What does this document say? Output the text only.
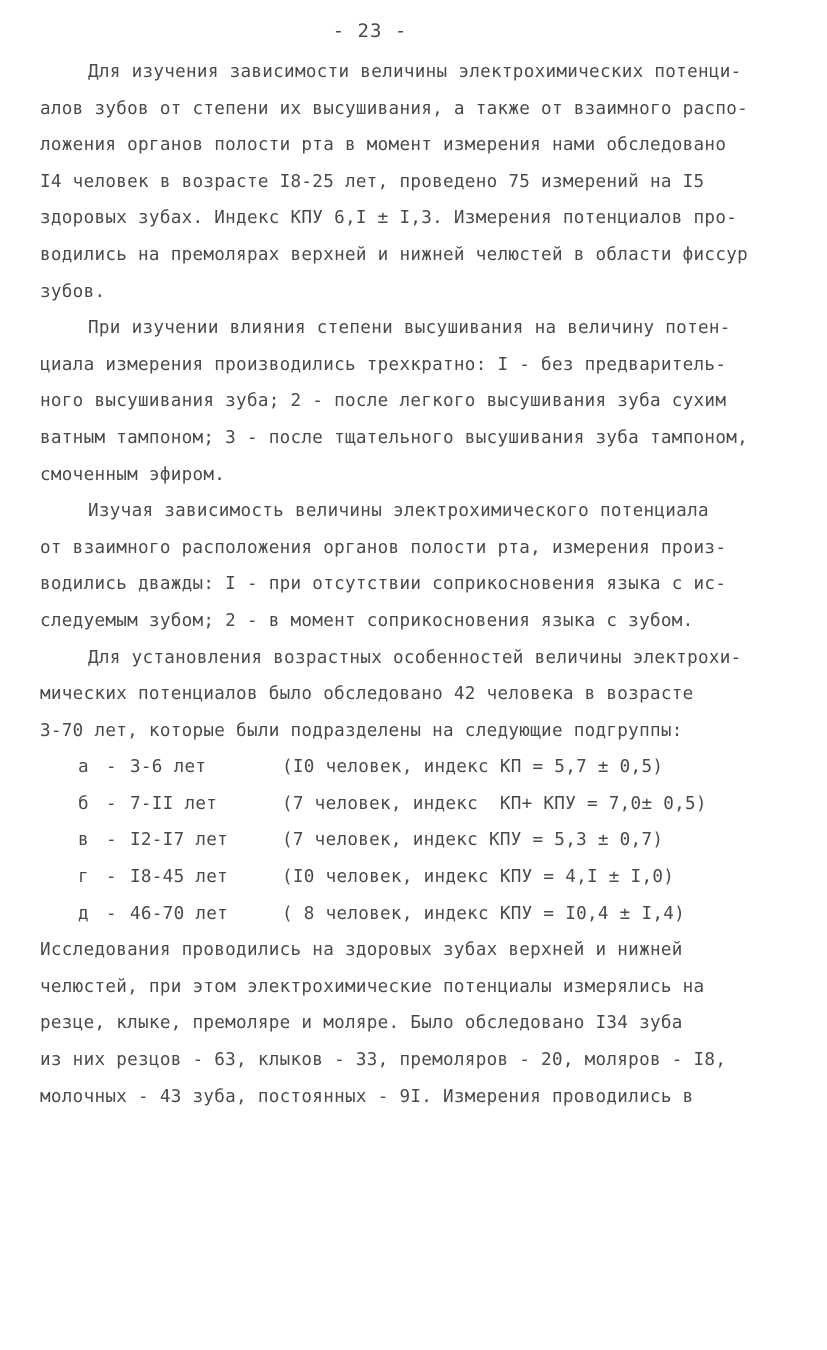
- 23 -
Для изучения зависимости величины электрохимических потенци-
алов зубов от степени их высушивания, а также от взаимного распо-
ложения органов полости рта в момент измерения нами обследовано
I4 человек в возрасте I8-25 лет, проведено 75 измерений на I5
здоровых зубах. Индекс КПУ 6,I ± I,3. Измерения потенциалов про-
водились на премолярах верхней и нижней челюстей в области фиссур
зубов.
При изучении влияния степени высушивания на величину потен-
циала измерения производились трехкратно: I - без предваритель-
ного высушивания зуба; 2 - после легкого высушивания зуба сухим
ватным тампоном; 3 - после тщательного высушивания зуба тампоном,
смоченным эфиром.
Изучая зависимость величины электрохимического потенциала
от взаимного расположения органов полости рта, измерения произ-
водились дважды: I - при отсутствии соприкосновения языка с ис-
следуемым зубом; 2 - в момент соприкосновения языка с зубом.
Для установления возрастных особенностей величины электрохи-
мических потенциалов было обследовано 42 человека в возрасте
3-70 лет, которые были подразделены на следующие подгруппы:
а - 3-6 лет	(I0 человек, индекс КП = 5,7 ± 0,5)
б - 7-II лет	(7 человек, индекс  КП+ КПУ = 7,0± 0,5)
в - I2-I7 лет	(7 человек, индекс КПУ = 5,3 ± 0,7)
г - I8-45 лет	(I0 человек, индекс КПУ = 4,I ± I,0)
д - 46-70 лет	( 8 человек, индекс КПУ = I0,4 ± I,4)
Исследования проводились на здоровых зубах верхней и нижней
челюстей, при этом электрохимические потенциалы измерялись на
резце, клыке, премоляре и моляре. Было обследовано I34 зуба
из них резцов - 63, клыков - 33, премоляров - 20, моляров - I8,
молочных - 43 зуба, постоянных - 9I. Измерения проводились в
